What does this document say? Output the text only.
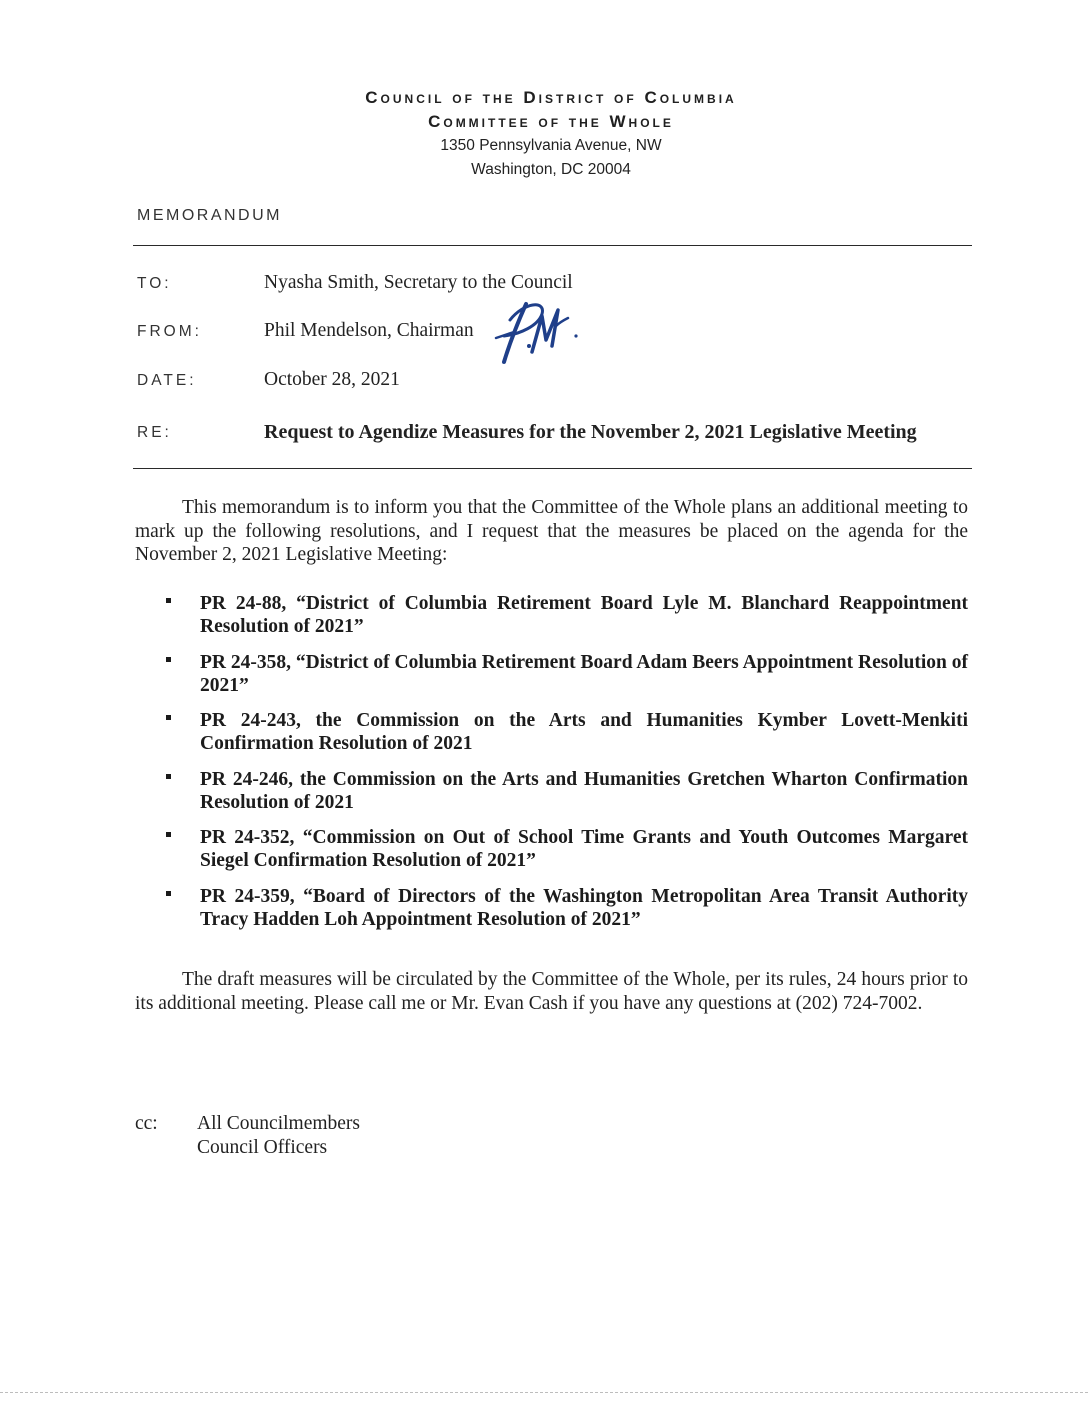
Council of the District of Columbia
Committee of the Whole
1350 Pennsylvania Avenue, NW
Washington, DC 20004
MEMORANDUM
TO:	Nyasha Smith, Secretary to the Council
FROM:	Phil Mendelson, Chairman
DATE:	October 28, 2021
RE:	Request to Agendize Measures for the November 2, 2021 Legislative Meeting
This memorandum is to inform you that the Committee of the Whole plans an additional meeting to mark up the following resolutions, and I request that the measures be placed on the agenda for the November 2, 2021 Legislative Meeting:
PR 24-88, “District of Columbia Retirement Board Lyle M. Blanchard Reappointment Resolution of 2021”
PR 24-358, “District of Columbia Retirement Board Adam Beers Appointment Resolution of 2021”
PR 24-243, the Commission on the Arts and Humanities Kymber Lovett-Menkiti Confirmation Resolution of 2021
PR 24-246, the Commission on the Arts and Humanities Gretchen Wharton Confirmation Resolution of 2021
PR 24-352, “Commission on Out of School Time Grants and Youth Outcomes Margaret Siegel Confirmation Resolution of 2021”
PR 24-359, “Board of Directors of the Washington Metropolitan Area Transit Authority Tracy Hadden Loh Appointment Resolution of 2021”
The draft measures will be circulated by the Committee of the Whole, per its rules, 24 hours prior to its additional meeting. Please call me or Mr. Evan Cash if you have any questions at (202) 724-7002.
cc: All Councilmembers
Council Officers
